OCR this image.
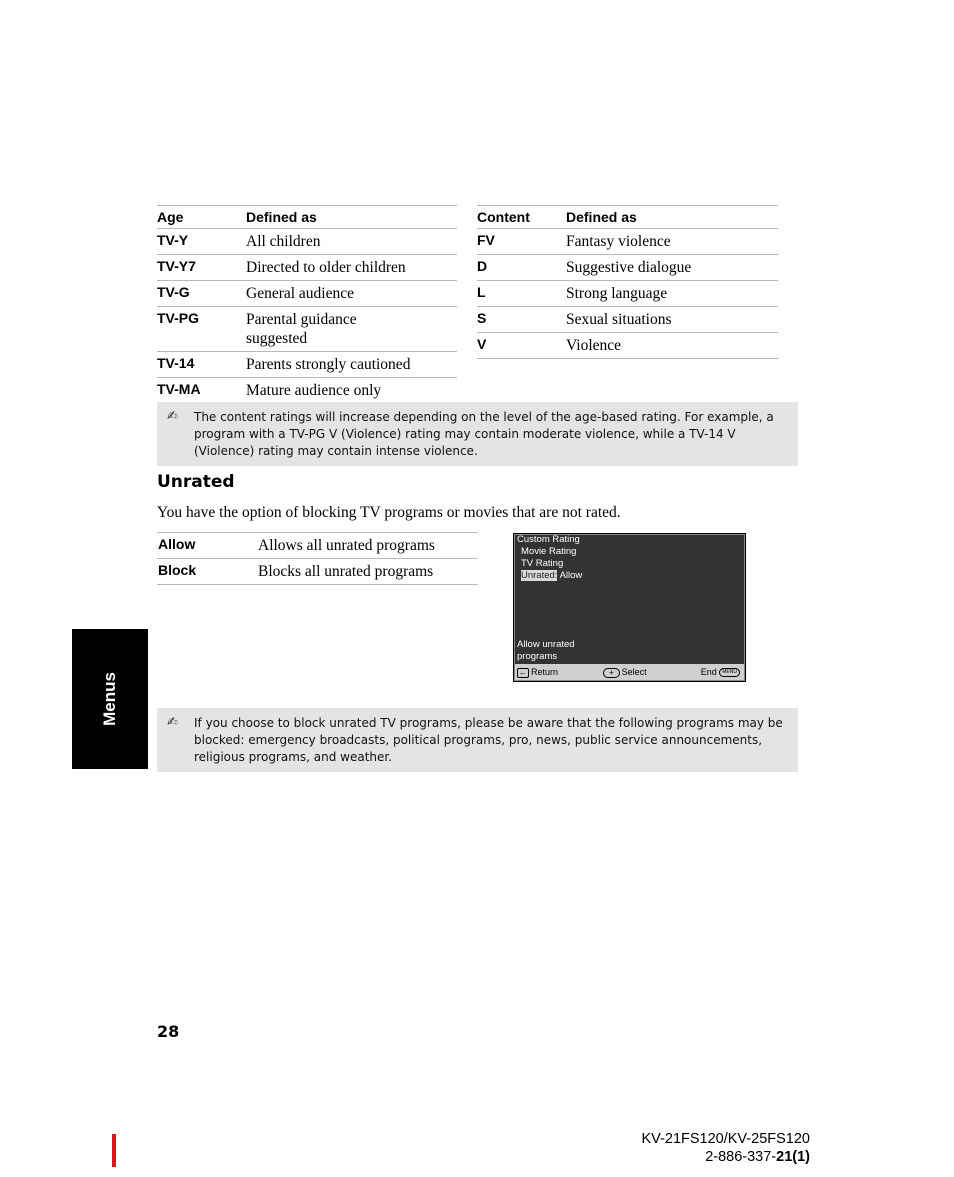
Age	Defined as
TV-Y	All children
TV-Y7	Directed to older children
TV-G	General audience
TV-PG	Parental guidance suggested
TV-14	Parents strongly cautioned
TV-MA	Mature audience only
Content	Defined as
FV	Fantasy violence
D	Suggestive dialogue
L	Strong language
S	Sexual situations
V	Violence
✍ The content ratings will increase depending on the level of the age-based rating. For example, a program with a TV-PG V (Violence) rating may contain moderate violence, while a TV-14 V (Violence) rating may contain intense violence.
Unrated
You have the option of blocking TV programs or movies that are not rated.
Allow	Allows all unrated programs
Block	Blocks all unrated programs
Custom Rating
Movie Rating
TV Rating
Unrated: Allow
Allow unrated programs
← Return	+ Select	End MENU
✍ If you choose to block unrated TV programs, please be aware that the following programs may be blocked: emergency broadcasts, political programs, pro, news, public service announcements, religious programs, and weather.
Menus
28
KV-21FS120/KV-25FS120
2-886-337-21(1)
